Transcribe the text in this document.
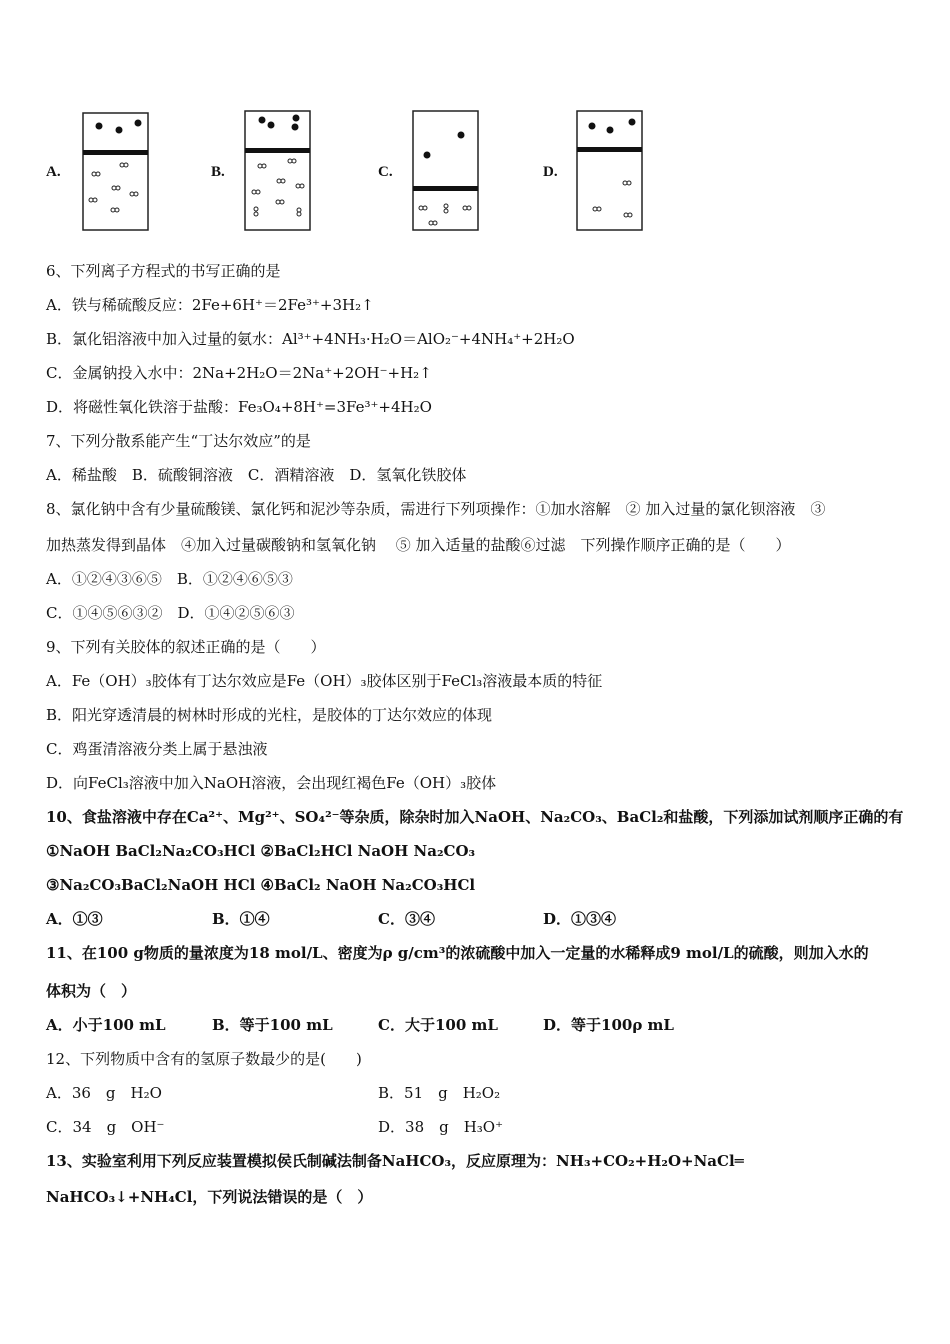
A.	B.	C.	D.
6、下列离子方程式的书写正确的是
A．铁与稀硫酸反应：2Fe+6H⁺＝2Fe³⁺+3H₂↑
B．氯化铝溶液中加入过量的氨水：Al³⁺+4NH₃·H₂O＝AlO₂⁻+4NH₄⁺+2H₂O
C．金属钠投入水中：2Na+2H₂O＝2Na⁺+2OH⁻+H₂↑
D．将磁性氧化铁溶于盐酸：Fe₃O₄+8H⁺=3Fe³⁺+4H₂O
7、下列分散系能产生“丁达尔效应”的是
A．稀盐酸　B．硫酸铜溶液　C．酒精溶液　D．氢氧化铁胶体
8、氯化钠中含有少量硫酸镁、氯化钙和泥沙等杂质，需进行下列项操作：①加水溶解　② 加入过量的氯化钡溶液　③
加热蒸发得到晶体　④加入过量碳酸钠和氢氧化钠　 ⑤ 加入适量的盐酸⑥过滤　下列操作顺序正确的是（　　）
A．①②④③⑥⑤　B．①②④⑥⑤③
C．①④⑤⑥③②　D．①④②⑤⑥③
9、下列有关胶体的叙述正确的是（　　）
A．Fe（OH）₃胶体有丁达尔效应是Fe（OH）₃胶体区别于FeCl₃溶液最本质的特征
B．阳光穿透清晨的树林时形成的光柱，是胶体的丁达尔效应的体现
C．鸡蛋清溶液分类上属于悬浊液
D．向FeCl₃溶液中加入NaOH溶液，会出现红褐色Fe（OH）₃胶体
10、食盐溶液中存在Ca²⁺、Mg²⁺、SO₄²⁻等杂质，除杂时加入NaOH、Na₂CO₃、BaCl₂和盐酸，下列添加试剂顺序正确的有
①NaOH BaCl₂Na₂CO₃HCl ②BaCl₂HCl NaOH Na₂CO₃
③Na₂CO₃BaCl₂NaOH HCl ④BaCl₂ NaOH Na₂CO₃HCl
A．①③	B．①④	C．③④	D．①③④
11、在100 g物质的量浓度为18 mol/L、密度为ρ g/cm³的浓硫酸中加入一定量的水稀释成9 mol/L的硫酸，则加入水的
体积为（　）
A．小于100 mL	B．等于100 mL	C．大于100 mL	D．等于100ρ mL
12、下列物质中含有的氢原子数最少的是(　　)
A．36　g　H₂O	B．51　g　H₂O₂
C．34　g　OH⁻	D．38　g　H₃O⁺
13、实验室利用下列反应装置模拟侯氏制碱法制备NaHCO₃，反应原理为：NH₃+CO₂+H₂O+NaCl═
NaHCO₃↓+NH₄Cl，下列说法错误的是（　）
